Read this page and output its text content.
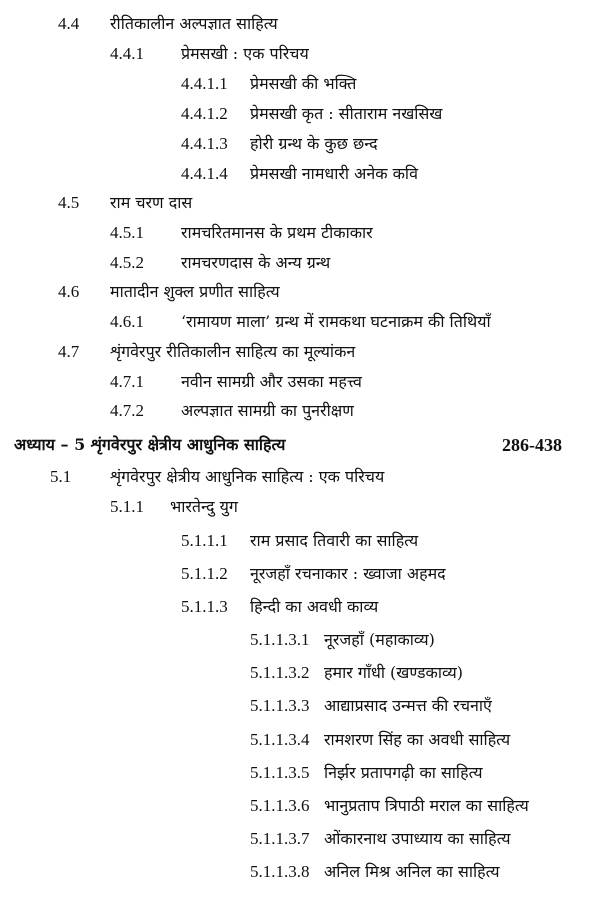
4.4 रीतिकालीन अल्पज्ञात साहित्य
4.4.1 प्रेमसखी : एक परिचय
4.4.1.1 प्रेमसखी की भक्ति
4.4.1.2 प्रेमसखी कृत : सीताराम नखसिख
4.4.1.3 होरी ग्रन्थ के कुछ छन्द
4.4.1.4 प्रेमसखी नामधारी अनेक कवि
4.5 राम चरण दास
4.5.1 रामचरितमानस के प्रथम टीकाकार
4.5.2 रामचरणदास के अन्य ग्रन्थ
4.6 मातादीन शुक्ल प्रणीत साहित्य
4.6.1 ‘रामायण माला’ ग्रन्थ में रामकथा घटनाक्रम की तिथियाँ
4.7 शृंगवेरपुर रीतिकालीन साहित्य का मूल्यांकन
4.7.1 नवीन सामग्री और उसका महत्त्व
4.7.2 अल्पज्ञात सामग्री का पुनरीक्षण
अध्याय – 5 शृंगवेरपुर क्षेत्रीय आधुनिक साहित्य	286-438
5.1 शृंगवेरपुर क्षेत्रीय आधुनिक साहित्य : एक परिचय
5.1.1 भारतेन्दु युग
5.1.1.1 राम प्रसाद तिवारी का साहित्य
5.1.1.2 नूरजहाँ रचनाकार : ख्वाजा अहमद
5.1.1.3 हिन्दी का अवधी काव्य
5.1.1.3.1 नूरजहाँ (महाकाव्य)
5.1.1.3.2 हमार गाँधी (खण्डकाव्य)
5.1.1.3.3 आद्याप्रसाद उन्मत्त की रचनाएँ
5.1.1.3.4 रामशरण सिंह का अवधी साहित्य
5.1.1.3.5 निर्झर प्रतापगढ़ी का साहित्य
5.1.1.3.6 भानुप्रताप त्रिपाठी मराल का साहित्य
5.1.1.3.7 ओंकारनाथ उपाध्याय का साहित्य
5.1.1.3.8 अनिल मिश्र अनिल का साहित्य
